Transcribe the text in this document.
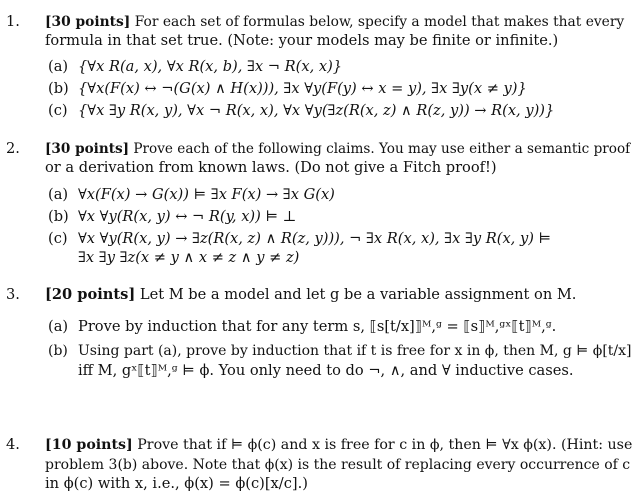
1. [30 points] For each set of formulas below, specify a model that makes that every
formula in that set true. (Note: your models may be finite or infinite.)
(a) {∀x R(a, x), ∀x R(x, b), ∃x ¬ R(x, x)}
(b) {∀x(F(x) ↔ ¬(G(x) ∧ H(x))), ∃x ∀y(F(y) ↔ x = y), ∃x ∃y(x ≠ y)}
(c) {∀x ∃y R(x, y), ∀x ¬ R(x, x), ∀x ∀y(∃z(R(x, z) ∧ R(z, y)) → R(x, y))}
2. [30 points] Prove each of the following claims. You may use either a semantic proof
or a derivation from known laws. (Do not give a Fitch proof!)
(a) ∀x(F(x) → G(x)) ⊨ ∃x F(x) → ∃x G(x)
(b) ∀x ∀y(R(x, y) ↔ ¬ R(y, x)) ⊨ ⊥
(c) ∀x ∀y(R(x, y) → ∃z(R(x, z) ∧ R(z, y))), ¬ ∃x R(x, x), ∃x ∃y R(x, y) ⊨
∃x ∃y ∃z(x ≠ y ∧ x ≠ z ∧ y ≠ z)
3. [20 points] Let M be a model and let g be a variable assignment on M.
(a) Prove by induction that for any term s, ⟦s[t/x]⟧ᴹ,ᵍ = ⟦s⟧ᴹ,ᵍˣ⟦t⟧ᴹ,ᵍ.
(b) Using part (a), prove by induction that if t is free for x in ϕ, then M, g ⊨ ϕ[t/x]
iff M, gˣ⟦t⟧ᴹ,ᵍ ⊨ ϕ. You only need to do ¬, ∧, and ∀ inductive cases.
4. [10 points] Prove that if ⊨ ϕ(c) and x is free for c in ϕ, then ⊨ ∀x ϕ(x). (Hint: use
problem 3(b) above. Note that ϕ(x) is the result of replacing every occurrence of c
in ϕ(c) with x, i.e., ϕ(x) = ϕ(c)[x/c].)
